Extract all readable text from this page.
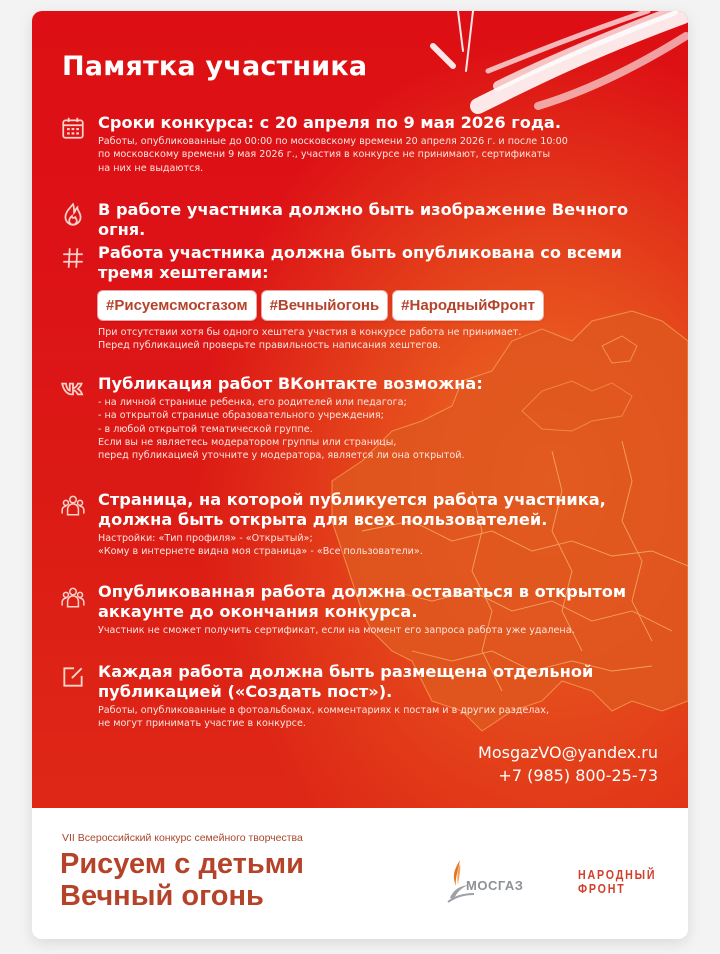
Памятка участника
Сроки конкурса: с 20 апреля по 9 мая 2026 года.
Работы, опубликованные до 00:00 по московскому времени 20 апреля 2026 г. и после 10:00
по московскому времени 9 мая 2026 г., участия в конкурсе не принимают, сертификаты
на них не выдаются.
В работе участника должно быть изображение Вечного огня.
Работа участника должна быть опубликована со всеми
тремя хештегами:
#Рисуемсмосгазом	#Вечныйогонь	#НародныйФронт
При отсутствии хотя бы одного хештега участия в конкурсе работа не принимает.
Перед публикацией проверьте правильность написания хештегов.
Публикация работ ВКонтакте возможна:
- на личной странице ребенка, его родителей или педагога;
- на открытой странице образовательного учреждения;
- в любой открытой тематической группе.
Если вы не являетесь модератором группы или страницы,
перед публикацией уточните у модератора, является ли она открытой.
Страница, на которой публикуется работа участника,
должна быть открыта для всех пользователей.
Настройки: «Тип профиля» - «Открытый»;
«Кому в интернете видна моя страница» - «Все пользователи».
Опубликованная работа должна оставаться в открытом
аккаунте до окончания конкурса.
Участник не сможет получить сертификат, если на момент его запроса работа уже удалена.
Каждая работа должна быть размещена отдельной
публикацией («Создать пост»).
Работы, опубликованные в фотоальбомах, комментариях к постам и в других разделах,
не могут принимать участие в конкурсе.
MosgazVO@yandex.ru
+7 (985) 800-25-73
VII Всероссийский конкурс семейного творчества
Рисуем с детьми
Вечный огонь	МОСГАЗ
НАРОДНЫЙ
ФРОНТ
